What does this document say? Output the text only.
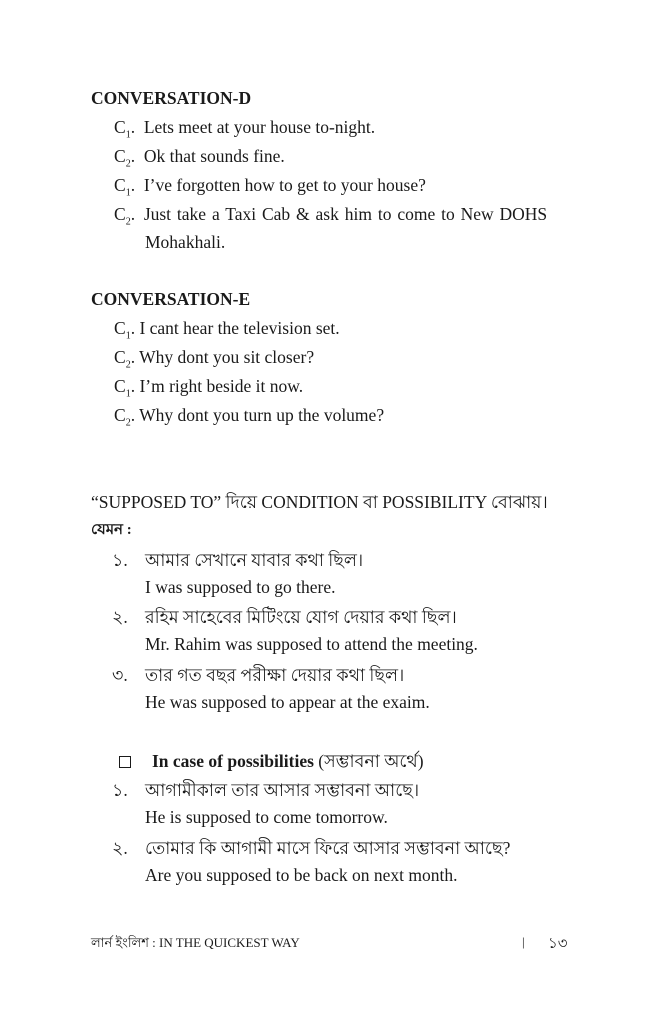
CONVERSATION-D
$C_1$.  Lets meet at your house to-night.
$C_2$.  Ok that sounds fine.
$C_1$.  I’ve forgotten how to get to your house?
$C_2$.  Just take a Taxi Cab & ask him to come to New DOHS
Mohakhali.
CONVERSATION-E
$C_1$. I cant hear the television set.
$C_2$. Why dont you sit closer?
$C_1$. I’m right beside it now.
$C_2$. Why dont you turn up the volume?
“SUPPOSED TO” দিয়ে CONDITION বা POSSIBILITY বোঝায়।
যেমন :
১. আমার সেখানে যাবার কথা ছিল।
I was supposed to go there.
২. রহিম সাহেবের মিটিংয়ে যোগ দেয়ার কথা ছিল।
Mr. Rahim was supposed to attend the meeting.
৩. তার গত বছর পরীক্ষা দেয়ার কথা ছিল।
He was supposed to appear at the exaim.
In case of possibilities (সম্ভাবনা অর্থে)
১. আগামীকাল তার আসার সম্ভাবনা আছে।
He is supposed to come tomorrow.
২. তোমার কি আগামী মাসে ফিরে আসার সম্ভাবনা আছে?
Are you supposed to be back on next month.
লার্ন ইংলিশ : IN THE QUICKEST WAY	| ১৩
